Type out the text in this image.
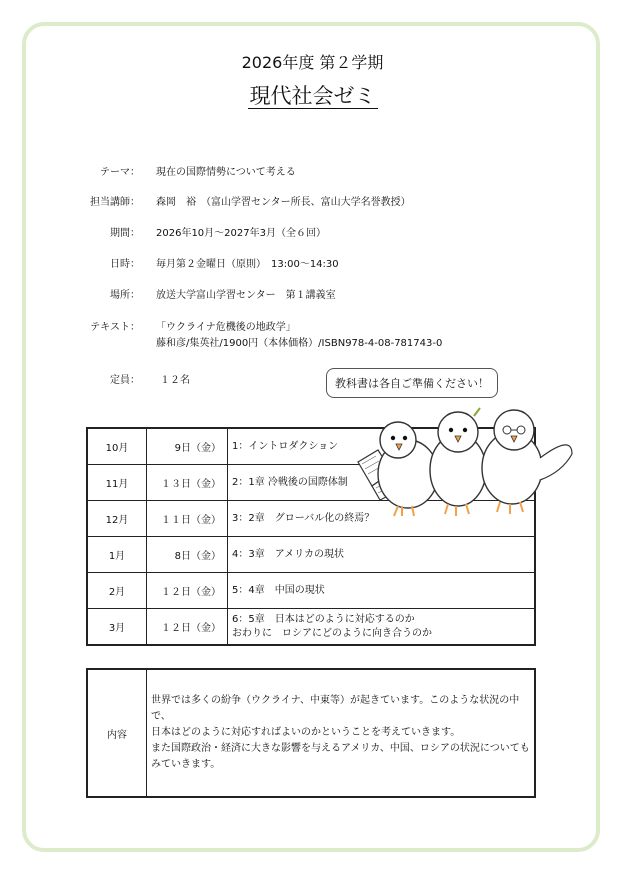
2026年度 第２学期
現代社会ゼミ
テーマ： 現在の国際情勢について考える
担当講師： 森岡　裕　（富山学習センター所長、富山大学名誉教授）
期間： 2026年10月～2027年3月（全６回）
日時： 毎月第２金曜日（原則）　13:00～14:30
場所： 放送大学富山学習センター　第１講義室
テキスト： 「ウクライナ危機後の地政学」
藤和彦/集英社/1900円（本体価格）/ISBN978-4-08-781743-0
定員： １２名	教科書は各自ご準備ください！
10月	9日（金）	1：イントロダクション
11月	１３日（金）	2：1章 冷戦後の国際体制
12月	１１日（金）	3：2章　グローバル化の終焉？
1月	8日（金）	4：3章　アメリカの現状
2月	１２日（金）	5：4章　中国の現状
3月	１２日（金）	6：5章　日本はどのように対応するのか
おわりに　ロシアにどのように向き合うのか
内容	
世界では多くの紛争（ウクライナ、中東等）が起きています。このような状況の中で、
日本はどのように対応すればよいのかということを考えていきます。
また国際政治・経済に大きな影響を与えるアメリカ、中国、ロシアの状況についても
みていきます。
